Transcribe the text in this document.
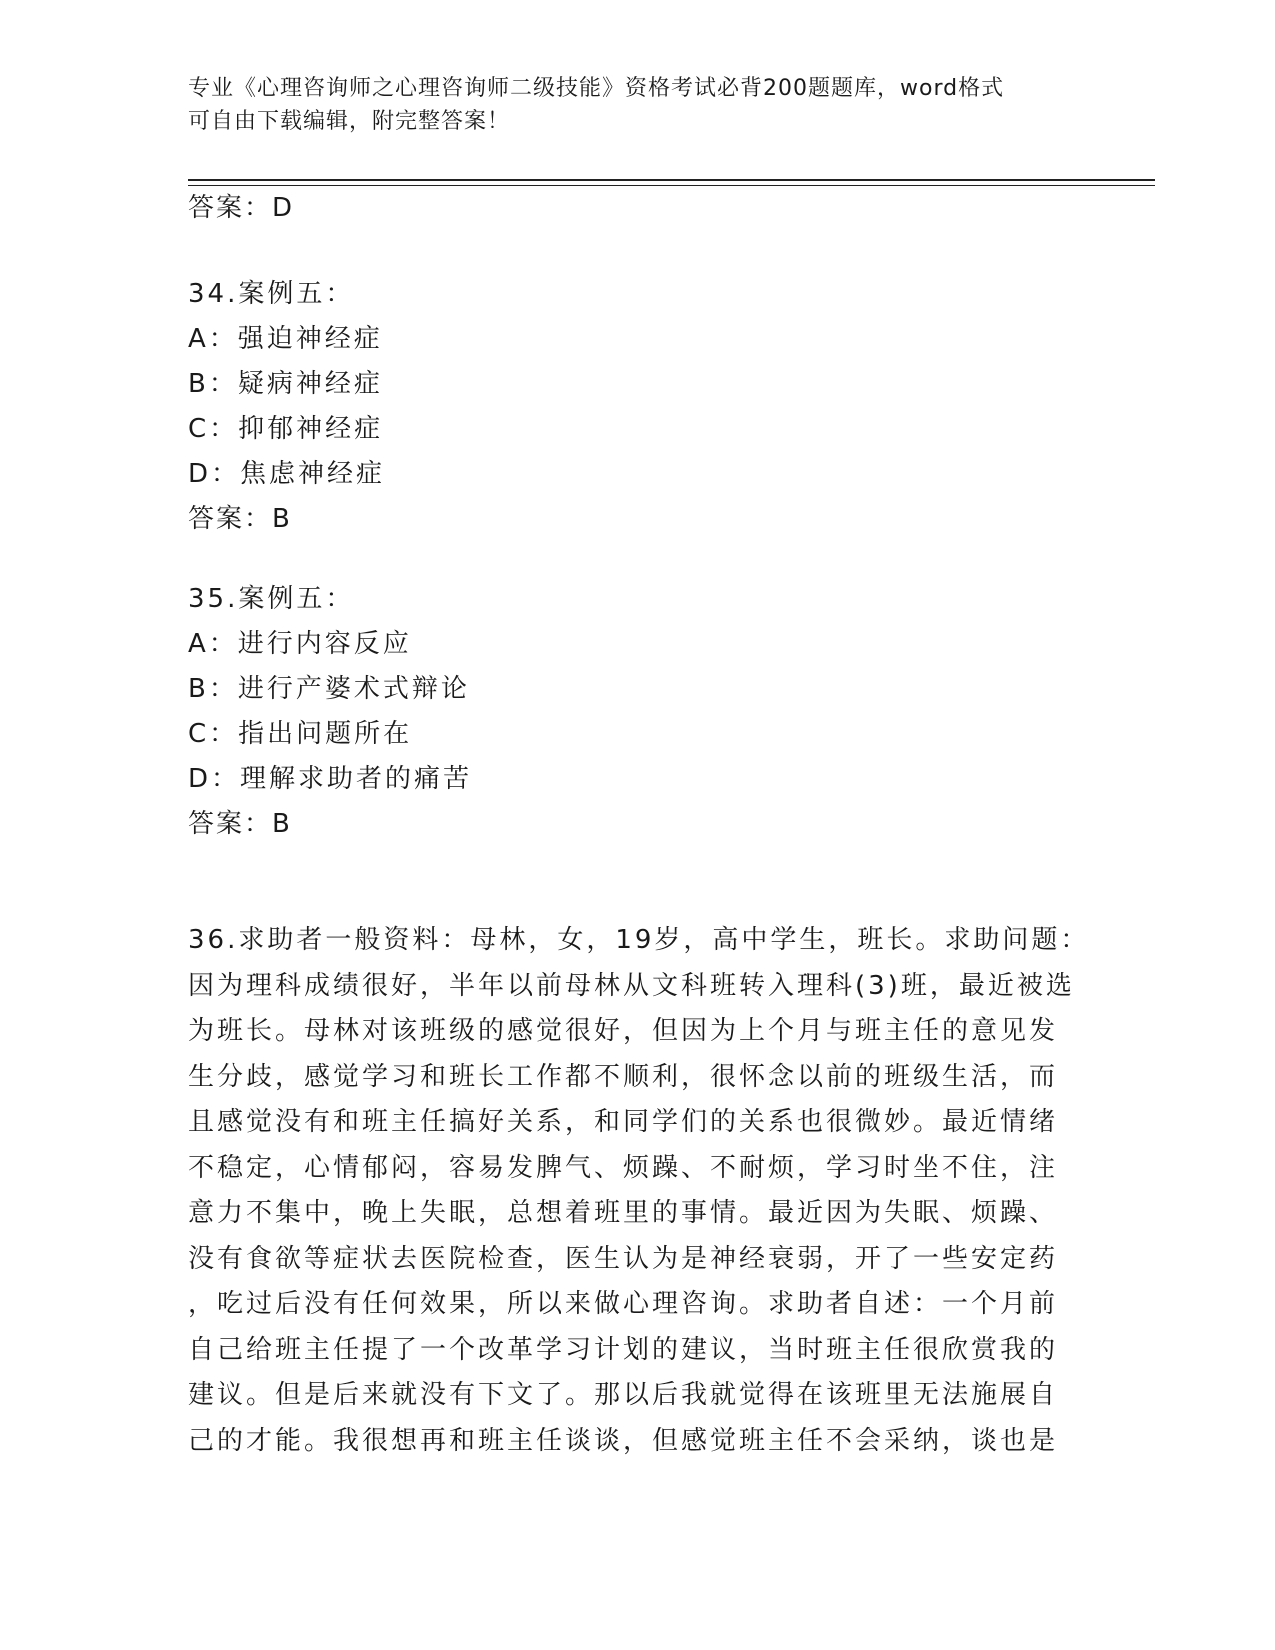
专业《心理咨询师之心理咨询师二级技能》资格考试必背200题题库，word格式
可自由下载编辑，附完整答案！
答案：D
34.案例五：
A：强迫神经症
B：疑病神经症
C：抑郁神经症
D：焦虑神经症
答案：B
35.案例五：
A：进行内容反应
B：进行产婆术式辩论
C：指出问题所在
D：理解求助者的痛苦
答案：B
36.求助者一般资料：母林，女，19岁，高中学生，班长。求助问题：
因为理科成绩很好，半年以前母林从文科班转入理科(3)班，最近被选
为班长。母林对该班级的感觉很好，但因为上个月与班主任的意见发
生分歧，感觉学习和班长工作都不顺利，很怀念以前的班级生活，而
且感觉没有和班主任搞好关系，和同学们的关系也很微妙。最近情绪
不稳定，心情郁闷，容易发脾气、烦躁、不耐烦，学习时坐不住，注
意力不集中，晚上失眠，总想着班里的事情。最近因为失眠、烦躁、
没有食欲等症状去医院检查，医生认为是神经衰弱，开了一些安定药
，吃过后没有任何效果，所以来做心理咨询。求助者自述：一个月前
自己给班主任提了一个改革学习计划的建议，当时班主任很欣赏我的
建议。但是后来就没有下文了。那以后我就觉得在该班里无法施展自
己的才能。我很想再和班主任谈谈，但感觉班主任不会采纳，谈也是
